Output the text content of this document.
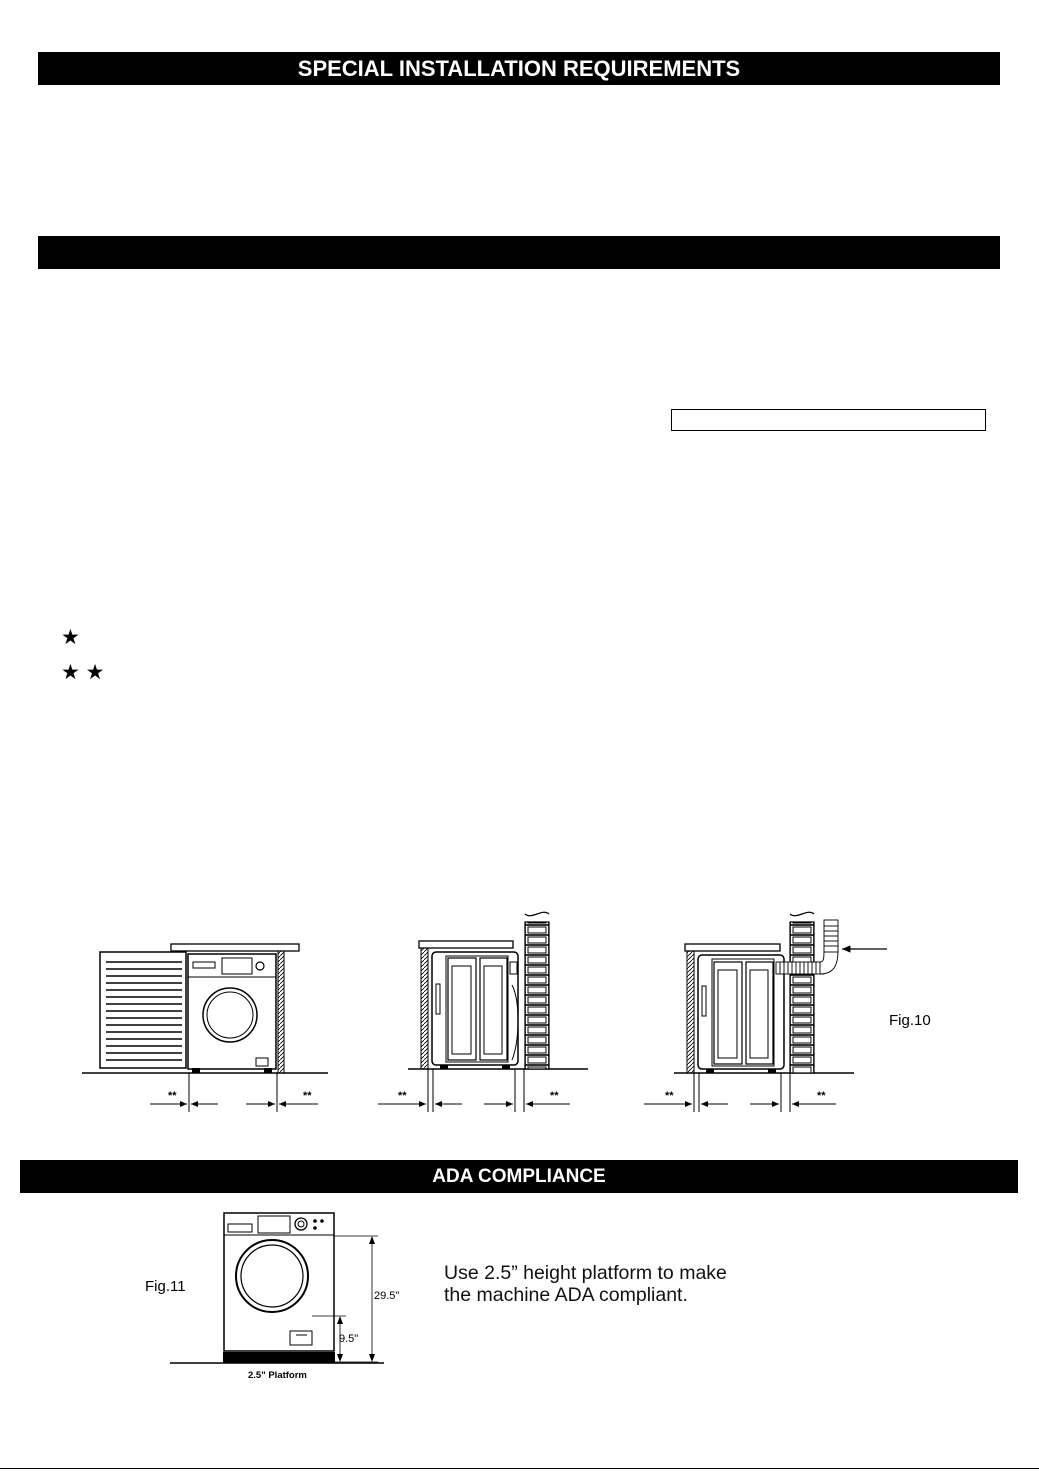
SPECIAL INSTALLATION REQUIREMENTS
★
★ ★
**	**	**	**	**	**
Fig.10
29.5"
9.5"
2.5" Platform
Fig.11
ADA COMPLIANCE
Use 2.5” height platform to make
the machine ADA compliant.
